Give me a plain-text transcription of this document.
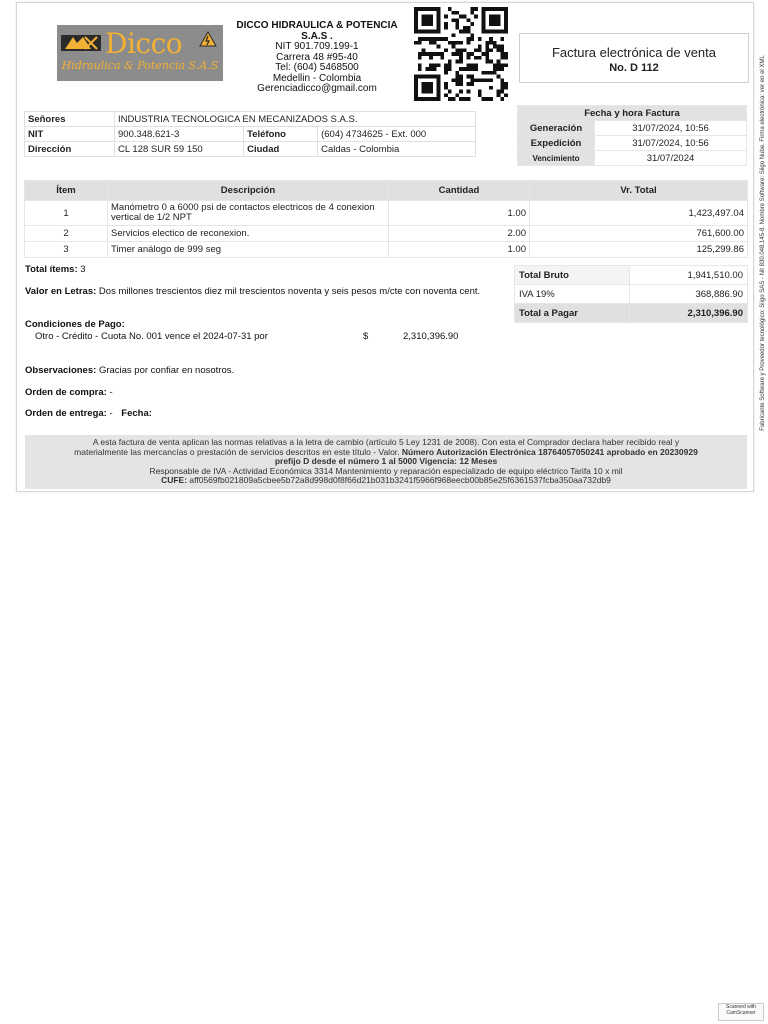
Dicco
Hidraulica & Potencia S.A.S
DICCO HIDRAULICA & POTENCIA S.A.S .
NIT 901.709.199-1
Carrera 48 #95-40
Tel: (604) 5468500
Medellin - Colombia
Gerenciadicco@gmail.com
Factura electrónica de venta
No. D 112
Señores	INDUSTRIA TECNOLOGICA EN MECANIZADOS S.A.S.		
NIT	900.348.621-3	Teléfono	(604) 4734625 - Ext. 000
Dirección	CL 128 SUR 59 150	Ciudad	Caldas - Colombia
Fecha y hora Factura	
Generación	31/07/2024, 10:56
Expedición	31/07/2024, 10:56
Vencimiento	31/07/2024
Ítem	Descripción	Cantidad	Vr. Total
1	Manómetro 0 a 6000 psi de contactos electricos de 4 conexion vertical de 1/2 NPT	1.00	1,423,497.04
2	Servicios electico de reconexion.	2.00	761,600.00
3	Timer análogo de 999 seg	1.00	125,299.86
Total ítems: 3
Valor en Letras: Dos millones trescientos diez mil trescientos noventa y seis pesos m/cte con noventa cent.
Condiciones de Pago:
Otro - Crédito - Cuota No. 001 vence el 2024-07-31 por	$	2,310,396.90
Observaciones: Gracias por confiar en nosotros.
Orden de compra: -
Orden de entrega: - Fecha:
Total Bruto	1,941,510.00
IVA 19%	368,886.90
Total a Pagar	2,310,396.90
A esta factura de venta aplican las normas relativas a la letra de cambio (artículo 5 Ley 1231 de 2008). Con esta el Comprador declara haber recibido real y
materialmente las mercancías o prestación de servicios descritos en este título - Valor. Número Autorización Electrónica 18764057050241 aprobado en 20230929
prefijo D desde el número 1 al 5000 Vigencia: 12 Meses
Responsable de IVA - Actividad Económica 3314 Mantenimiento y reparación especializado de equipo eléctrico Tarifa 10 x mil
CUFE: aff0569fb021809a5cbee5b72a8d998d0f8f66d21b031b3241f5966f968eecb00b85e25f6361537fcba350aa732db9
Fabricante Software y Proveedor tecnológico: Siigo SAS - Nit 830.048.145-8. Nombre Software: Siigo Nube. Firma electrónica: ver en el XML
Scanned with CamScanner
